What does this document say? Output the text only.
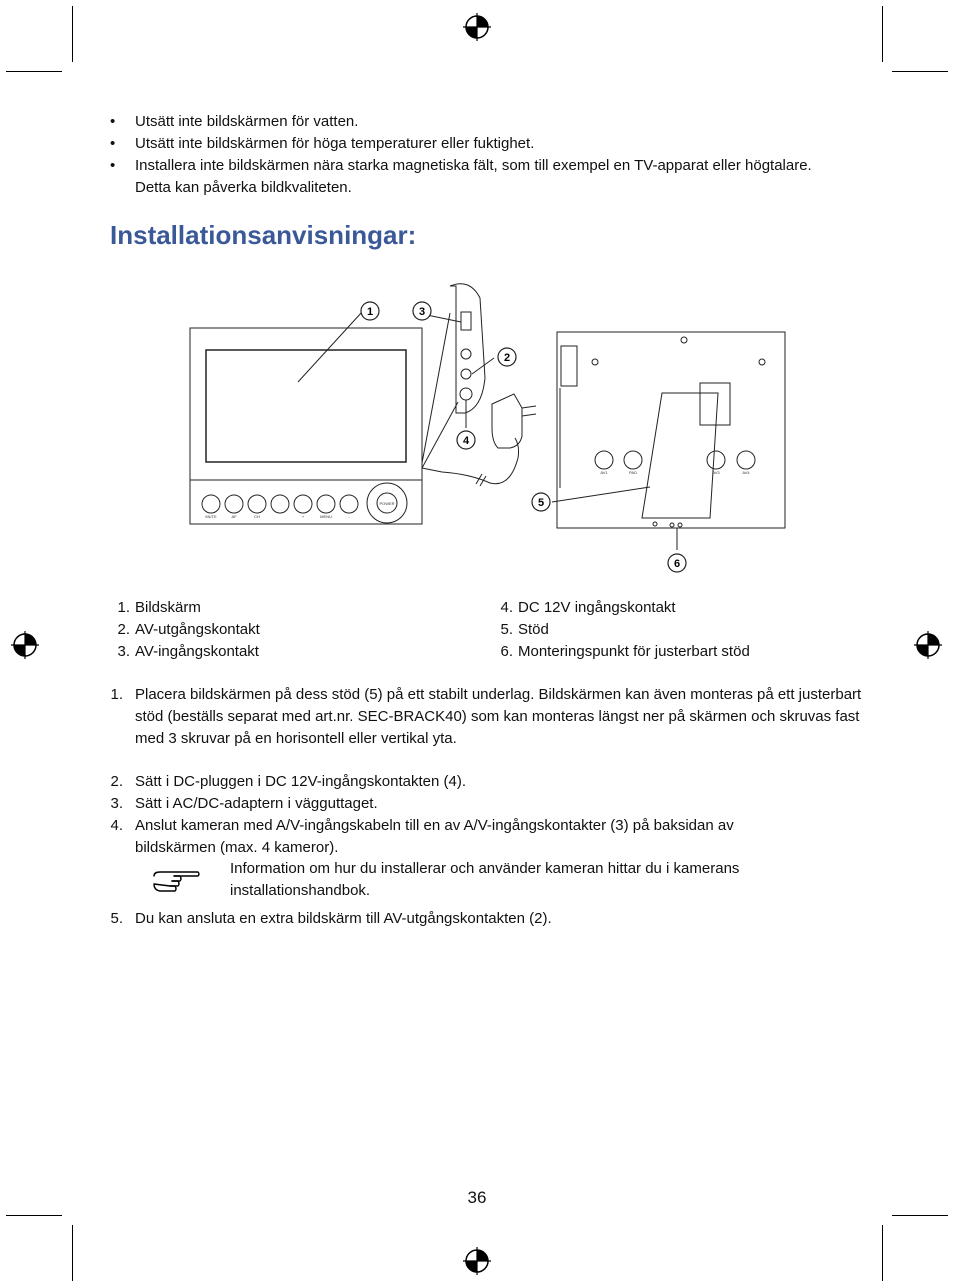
• Utsätt inte bildskärmen för vatten.
• Utsätt inte bildskärmen för höga temperaturer eller fuktighet.
• Installera inte bildskärmen nära starka magnetiska fält, som till exempel en TV-apparat eller högtalare. Detta kan påverka bildkvaliteten.
Installationsanvisningar:
1
2
3
4
5
6
MUTE	AF	CH	+	MENU	-
POWER
AV1	PAD	AV3	AV4
1. Bildskärm
2. AV-utgångskontakt
3. AV-ingångskontakt
4. DC 12V ingångskontakt
5. Stöd
6. Monteringspunkt för justerbart stöd
1. Placera bildskärmen på dess stöd (5) på ett stabilt underlag. Bildskärmen kan även monteras på ett justerbart stöd (beställs separat med art.nr. SEC-BRACK40) som kan monteras längst ner på skärmen och skruvas fast med 3 skruvar på en horisontell eller vertikal yta.
2. Sätt i DC-pluggen i DC 12V-ingångskontakten (4).
3. Sätt i AC/DC-adaptern i vägguttaget.
4. Anslut kameran med A/V-ingångskabeln till en av A/V-ingångskontakter (3) på baksidan av bildskärmen (max. 4 kameror).
Information om hur du installerar och använder kameran hittar du i kamerans installationshandbok.
5. Du kan ansluta en extra bildskärm till AV-utgångskontakten (2).
36
